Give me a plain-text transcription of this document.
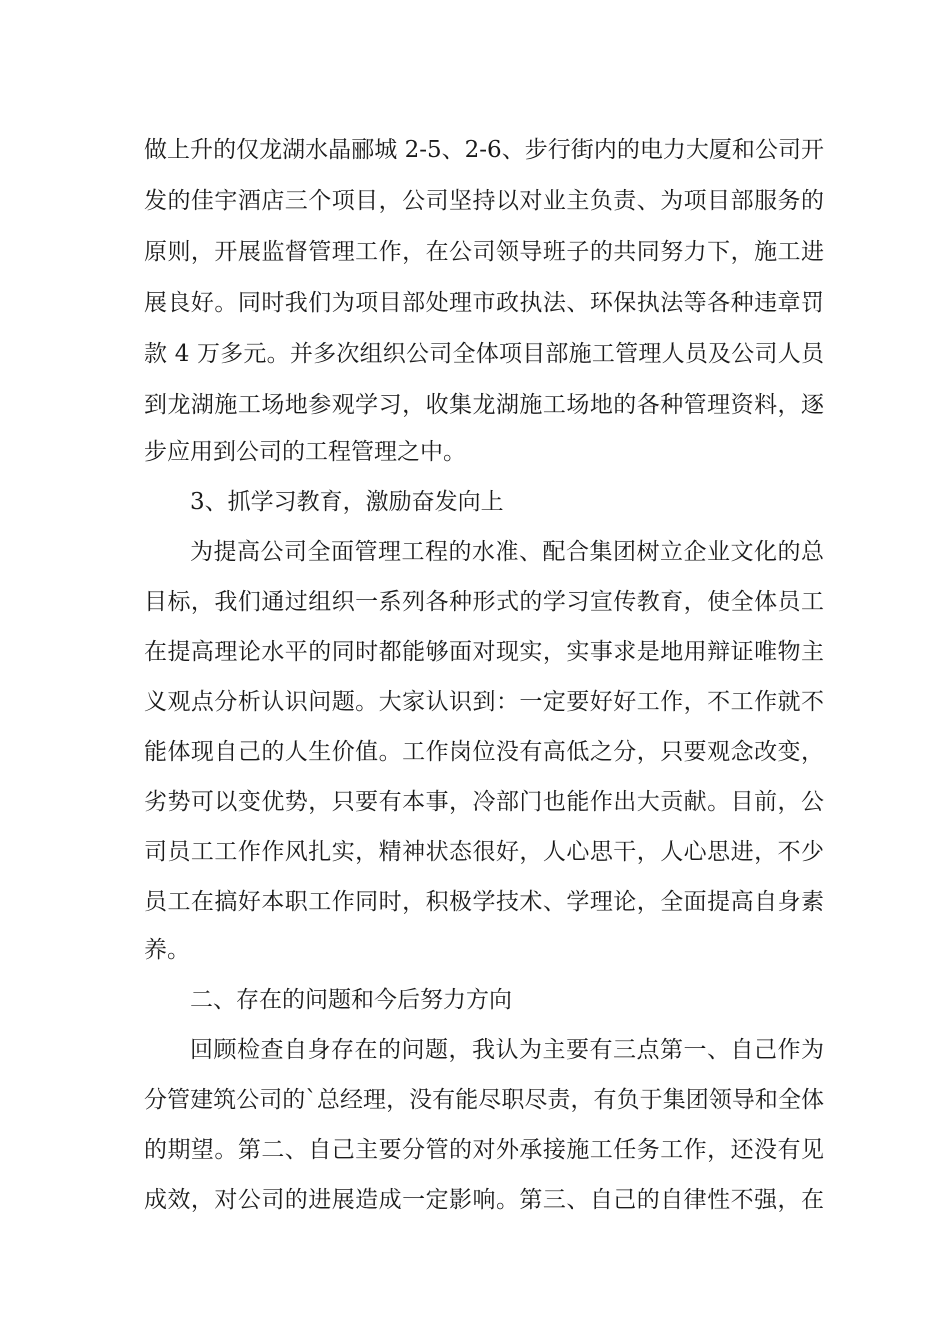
做上升的仅龙湖水晶郦城 2-5、2-6、步行街内的电力大厦和公司开
发的佳宇酒店三个项目，公司坚持以对业主负责、为项目部服务的
原则，开展监督管理工作，在公司领导班子的共同努力下，施工进
展良好。同时我们为项目部处理市政执法、环保执法等各种违章罚
款 4 万多元。并多次组织公司全体项目部施工管理人员及公司人员
到龙湖施工场地参观学习，收集龙湖施工场地的各种管理资料，逐
步应用到公司的工程管理之中。
3、抓学习教育，激励奋发向上
为提高公司全面管理工程的水准、配合集团树立企业文化的总
目标，我们通过组织一系列各种形式的学习宣传教育，使全体员工
在提高理论水平的同时都能够面对现实，实事求是地用辩证唯物主
义观点分析认识问题。大家认识到：一定要好好工作，不工作就不
能体现自己的人生价值。工作岗位没有高低之分，只要观念改变，
劣势可以变优势，只要有本事，冷部门也能作出大贡献。目前，公
司员工工作作风扎实，精神状态很好，人心思干，人心思进，不少
员工在搞好本职工作同时，积极学技术、学理论，全面提高自身素
养。
二、存在的问题和今后努力方向
回顾检查自身存在的问题，我认为主要有三点第一、自己作为
分管建筑公司的`总经理，没有能尽职尽责，有负于集团领导和全体
的期望。第二、自己主要分管的对外承接施工任务工作，还没有见
成效，对公司的进展造成一定影响。第三、自己的自律性不强，在
